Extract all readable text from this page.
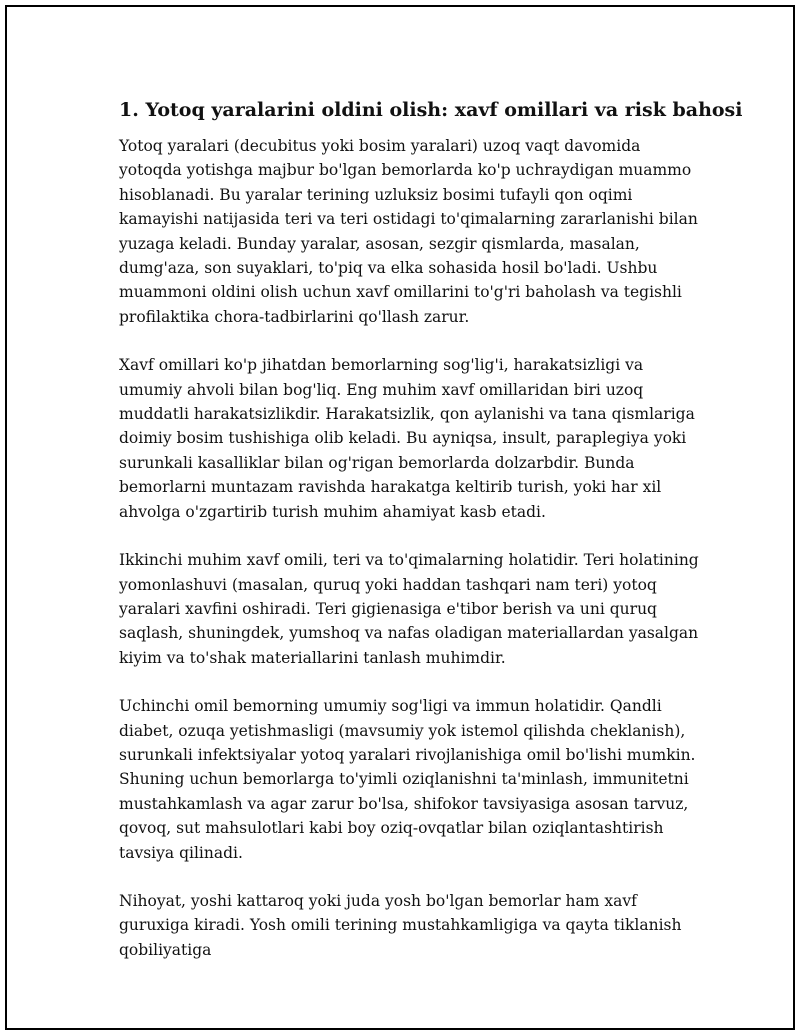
1. Yotoq yaralarini oldini olish: xavf omillari va risk bahosi

Yotoq yaralari (decubitus yoki bosim yaralari) uzoq vaqt davomida yotoqda yotishga majbur bo'lgan bemorlarda ko'p uchraydigan muammo hisoblanadi. Bu yaralar terining uzluksiz bosimi tufayli qon oqimi kamayishi natijasida teri va teri ostidagi to'qimalarning zararlanishi bilan yuzaga keladi. Bunday yaralar, asosan, sezgir qismlarda, masalan, dumg'aza, son suyaklari, to'piq va elka sohasida hosil bo'ladi. Ushbu muammoni oldini olish uchun xavf omillarini to'g'ri baholash va tegishli profilaktika chora-tadbirlarini qo'llash zarur.

Xavf omillari ko'p jihatdan bemorlarning sog'lig'i, harakatsizligi va umumiy ahvoli bilan bog'liq. Eng muhim xavf omillaridan biri uzoq muddatli harakatsizlikdir. Harakatsizlik, qon aylanishi va tana qismlariga doimiy bosim tushishiga olib keladi. Bu ayniqsa, insult, paraplegiya yoki surunkali kasalliklar bilan og'rigan bemorlarda dolzarbdir. Bunda bemorlarni muntazam ravishda harakatga keltirib turish, yoki har xil ahvolga o'zgartirib turish muhim ahamiyat kasb etadi.

Ikkinchi muhim xavf omili, teri va to'qimalarning holatidir. Teri holatining yomonlashuvi (masalan, quruq yoki haddan tashqari nam teri) yotoq yaralari xavfini oshiradi. Teri gigienasiga e'tibor berish va uni quruq saqlash, shuningdek, yumshoq va nafas oladigan materiallardan yasalgan kiyim va to'shak materiallarini tanlash muhimdir.

Uchinchi omil bemorning umumiy sog'ligi va immun holatidir. Qandli diabet, ozuqa yetishmasligi (mavsumiy yok istemol qilishda cheklanish), surunkali infektsiyalar yotoq yaralari rivojlanishiga omil bo'lishi mumkin. Shuning uchun bemorlarga to'yimli oziqlanishni ta'minlash, immunitetni mustahkamlash va agar zarur bo'lsa, shifokor tavsiyasiga asosan tarvuz, qovoq, sut mahsulotlari kabi boy oziq-ovqatlar bilan oziqlantashtirish tavsiya qilinadi.

Nihoyat, yoshi kattaroq yoki juda yosh bo'lgan bemorlar ham xavf guruxiga kiradi. Yosh omili terining mustahkamligiga va qayta tiklanish qobiliyatiga
